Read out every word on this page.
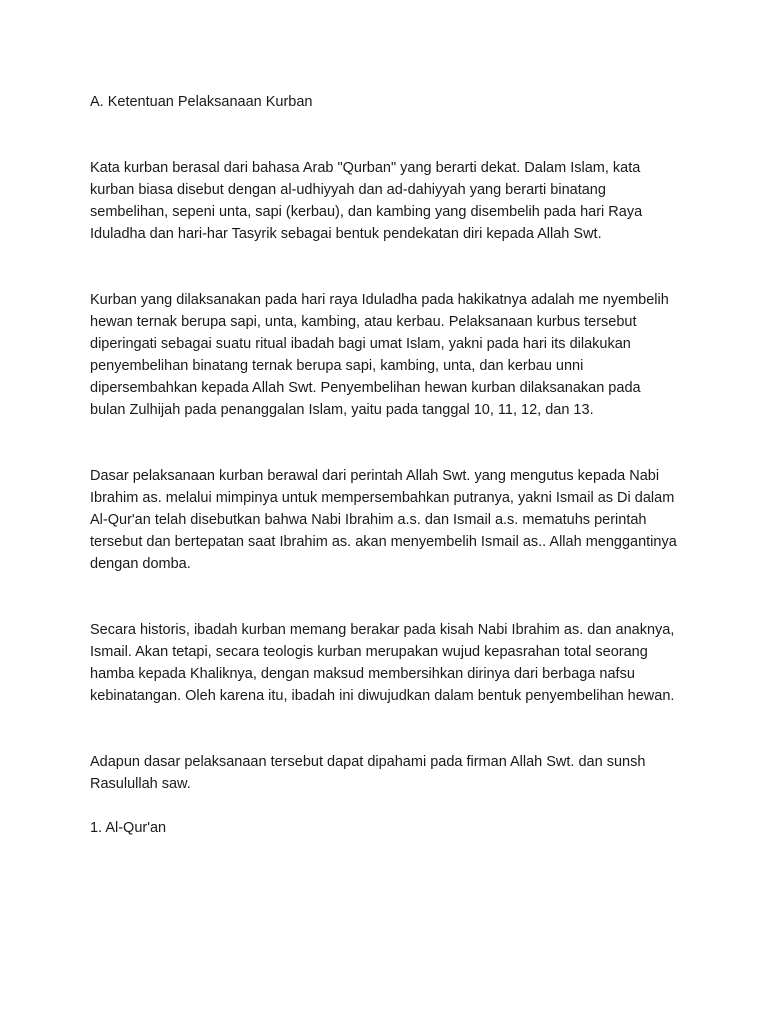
A. Ketentuan Pelaksanaan Kurban

Kata kurban berasal dari bahasa Arab "Qurban" yang berarti dekat. Dalam Islam, kata kurban biasa disebut dengan al-udhiyyah dan ad-dahiyyah yang berarti binatang sembelihan, sepeni unta, sapi (kerbau), dan kambing yang disembelih pada hari Raya Iduladha dan hari-har Tasyrik sebagai bentuk pendekatan diri kepada Allah Swt.

Kurban yang dilaksanakan pada hari raya Iduladha pada hakikatnya adalah me nyembelih hewan ternak berupa sapi, unta, kambing, atau kerbau. Pelaksanaan kurbus tersebut diperingati sebagai suatu ritual ibadah bagi umat Islam, yakni pada hari its dilakukan penyembelihan binatang ternak berupa sapi, kambing, unta, dan kerbau unni dipersembahkan kepada Allah Swt. Penyembelihan hewan kurban dilaksanakan pada bulan Zulhijah pada penanggalan Islam, yaitu pada tanggal 10, 11, 12, dan 13.

Dasar pelaksanaan kurban berawal dari perintah Allah Swt. yang mengutus kepada Nabi Ibrahim as. melalui mimpinya untuk mempersembahkan putranya, yakni Ismail as Di dalam Al-Qur'an telah disebutkan bahwa Nabi Ibrahim a.s. dan Ismail a.s. mematuhs perintah tersebut dan bertepatan saat Ibrahim as. akan menyembelih Ismail as.. Allah menggantinya dengan domba.

Secara historis, ibadah kurban memang berakar pada kisah Nabi Ibrahim as. dan anaknya, Ismail. Akan tetapi, secara teologis kurban merupakan wujud kepasrahan total seorang hamba kepada Khaliknya, dengan maksud membersihkan dirinya dari berbaga nafsu kebinatangan. Oleh karena itu, ibadah ini diwujudkan dalam bentuk penyembelihan hewan.

Adapun dasar pelaksanaan tersebut dapat dipahami pada firman Allah Swt. dan sunsh Rasulullah saw.

1. Al-Qur'an
